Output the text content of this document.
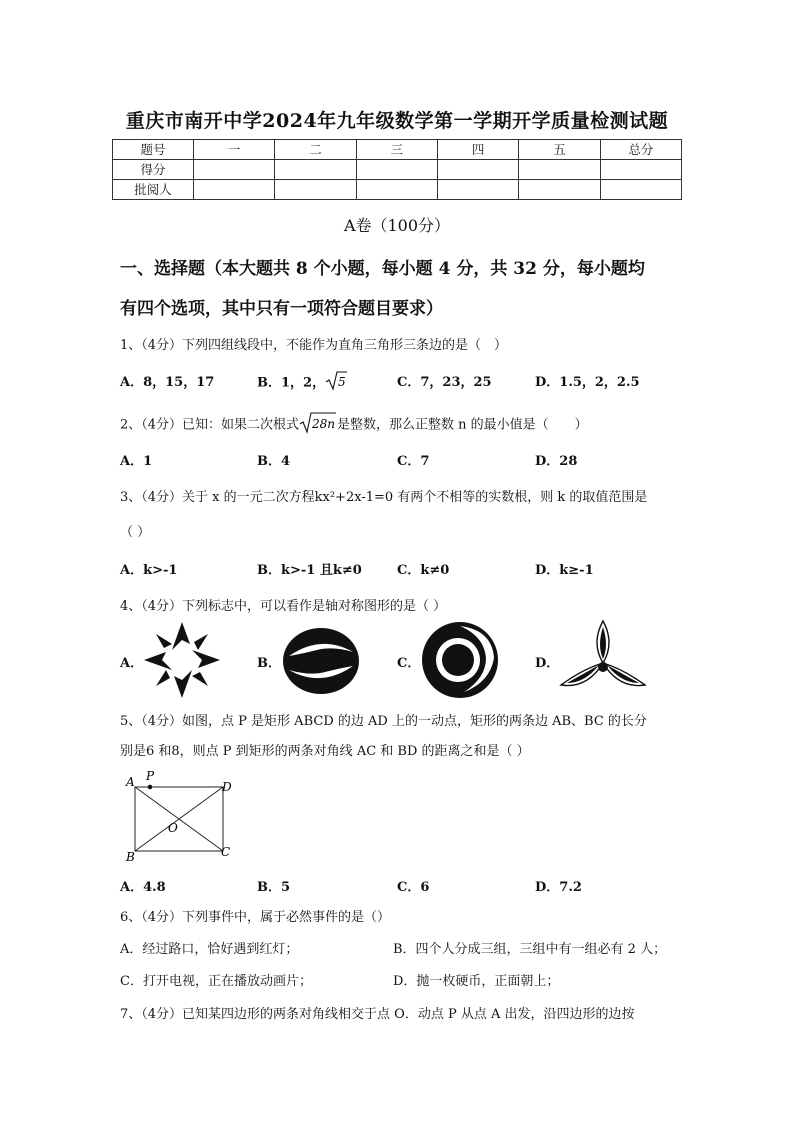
重庆市南开中学2024年九年级数学第一学期开学质量检测试题
题号	一	二	三	四	五	总分
得分						
批阅人						
A卷（100分）
一、选择题（本大题共 8 个小题，每小题 4 分，共 32 分，每小题均
有四个选项，其中只有一项符合题目要求）
1、（4分）下列四组线段中，不能作为直角三角形三条边的是（　）
A．8，15，17	B．1，2， 5	C．7，23，25	D．1.5，2，2.5
2、（4分）已知：如果二次根式 28n 是整数，那么正整数 n 的最小值是（　　）
A．1	B．4	C．7	D．28
3、（4分）关于 x 的一元二次方程kx²+2x-1=0 有两个不相等的实数根，则 k 的取值范围是
（ ）
A．k>-1	B．k>-1 且k≠0	C．k≠0	D．k≥-1
4、（4分）下列标志中，可以看作是轴对称图形的是（ ）
A．	B．	C．	D．
5、（4分）如图，点 P 是矩形 ABCD 的边 AD 上的一动点，矩形的两条边 AB、BC 的长分
别是6 和8，则点 P 到矩形的两条对角线 AC 和 BD 的距离之和是（ ）
A P
D
O
B	C
A．4.8	B．5	C．6	D．7.2
6、（4分）下列事件中，属于必然事件的是（）
A．经过路口，恰好遇到红灯；	B．四个人分成三组，三组中有一组必有 2 人；
C．打开电视，正在播放动画片；	D．抛一枚硬币，正面朝上；
7、（4分）已知某四边形的两条对角线相交于点 O．动点 P 从点 A 出发，沿四边形的边按
